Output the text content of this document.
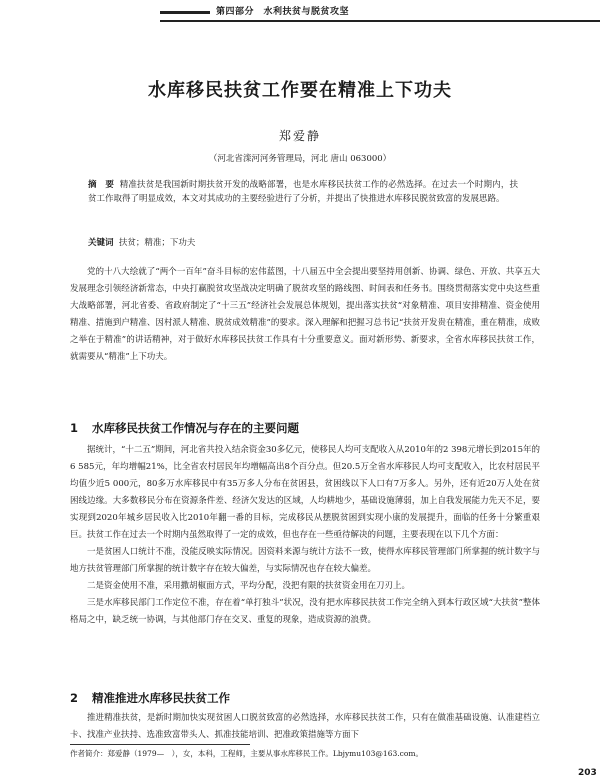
第四部分　水利扶贫与脱贫攻坚
水库移民扶贫工作要在精准上下功夫
郑爱静
（河北省滦河河务管理局，河北 唐山 063000）
摘　要 精准扶贫是我国新时期扶贫开发的战略部署，也是水库移民扶贫工作的必然选择。在过去一个时期内，扶贫工作取得了明显成效，本文对其成功的主要经验进行了分析，并提出了快推进水库移民脱贫致富的发展思路。
关键词 扶贫；精准；下功夫

党的十八大绘就了“两个一百年”奋斗目标的宏伟蓝图，十八届五中全会提出要坚持用创新、协调、绿色、开放、共享五大发展理念引领经济新常态，中央打赢脱贫攻坚战决定明确了脱贫攻坚的路线图、时间表和任务书。围绕贯彻落实党中央这些重大战略部署，河北省委、省政府制定了“十三五”经济社会发展总体规划，提出落实扶贫“对象精准、项目安排精准、资金使用精准、措施到户精准、因村派人精准、脱贫成效精准”的要求。深入理解和把握习总书记“扶贫开发贵在精准，重在精准，成败之举在于精准”的讲话精神，对于做好水库移民扶贫工作具有十分重要意义。面对新形势、新要求，全省水库移民扶贫工作，就需要从“精准”上下功夫。

1 水库移民扶贫工作情况与存在的主要问题

据统计，“十二五”期间，河北省共投入结余资金30多亿元，使移民人均可支配收入从2010年的2 398元增长到2015年的6 585元，年均增幅21%，比全省农村居民年均增幅高出8个百分点。但20.5万全省水库移民人均可支配收入，比农村居民平均值少近5 000元，80多万水库移民中有35万多人分布在贫困县，贫困线以下人口有7万多人。另外，还有近20万人处在贫困线边缘。大多数移民分布在资源条件差、经济欠发达的区域，人均耕地少，基础设施薄弱，加上自我发展能力先天不足，要实现到2020年城乡居民收入比2010年翻一番的目标，完成移民从摆脱贫困到实现小康的发展提升，面临的任务十分繁重艰巨。扶贫工作在过去一个时期内虽然取得了一定的成效，但也存在一些亟待解决的问题，主要表现在以下几个方面：

一是贫困人口统计不准，没能反映实际情况。因资料来源与统计方法不一致，使得水库移民管理部门所掌握的统计数字与地方扶贫管理部门所掌握的统计数字存在较大偏差，与实际情况也存在较大偏差。

二是资金使用不准，采用撒胡椒面方式，平均分配，没把有限的扶贫资金用在刀刃上。

三是水库移民部门工作定位不准，存在着“单打独斗”状况，没有把水库移民扶贫工作完全纳入到本行政区域“大扶贫”整体格局之中，缺乏统一协调，与其他部门存在交叉、重复的现象，造成资源的浪费。

2 精准推进水库移民扶贫工作

推进精准扶贫，是新时期加快实现贫困人口脱贫致富的必然选择，水库移民扶贫工作，只有在做准基础设施、认准建档立卡、找准产业扶持、选准致富带头人、抓准技能培训、把准政策措施等方面下

作者简介：郑爱静（1979—　），女，本科，工程师，主要从事水库移民工作。Lbjymu103@163.com。
203
